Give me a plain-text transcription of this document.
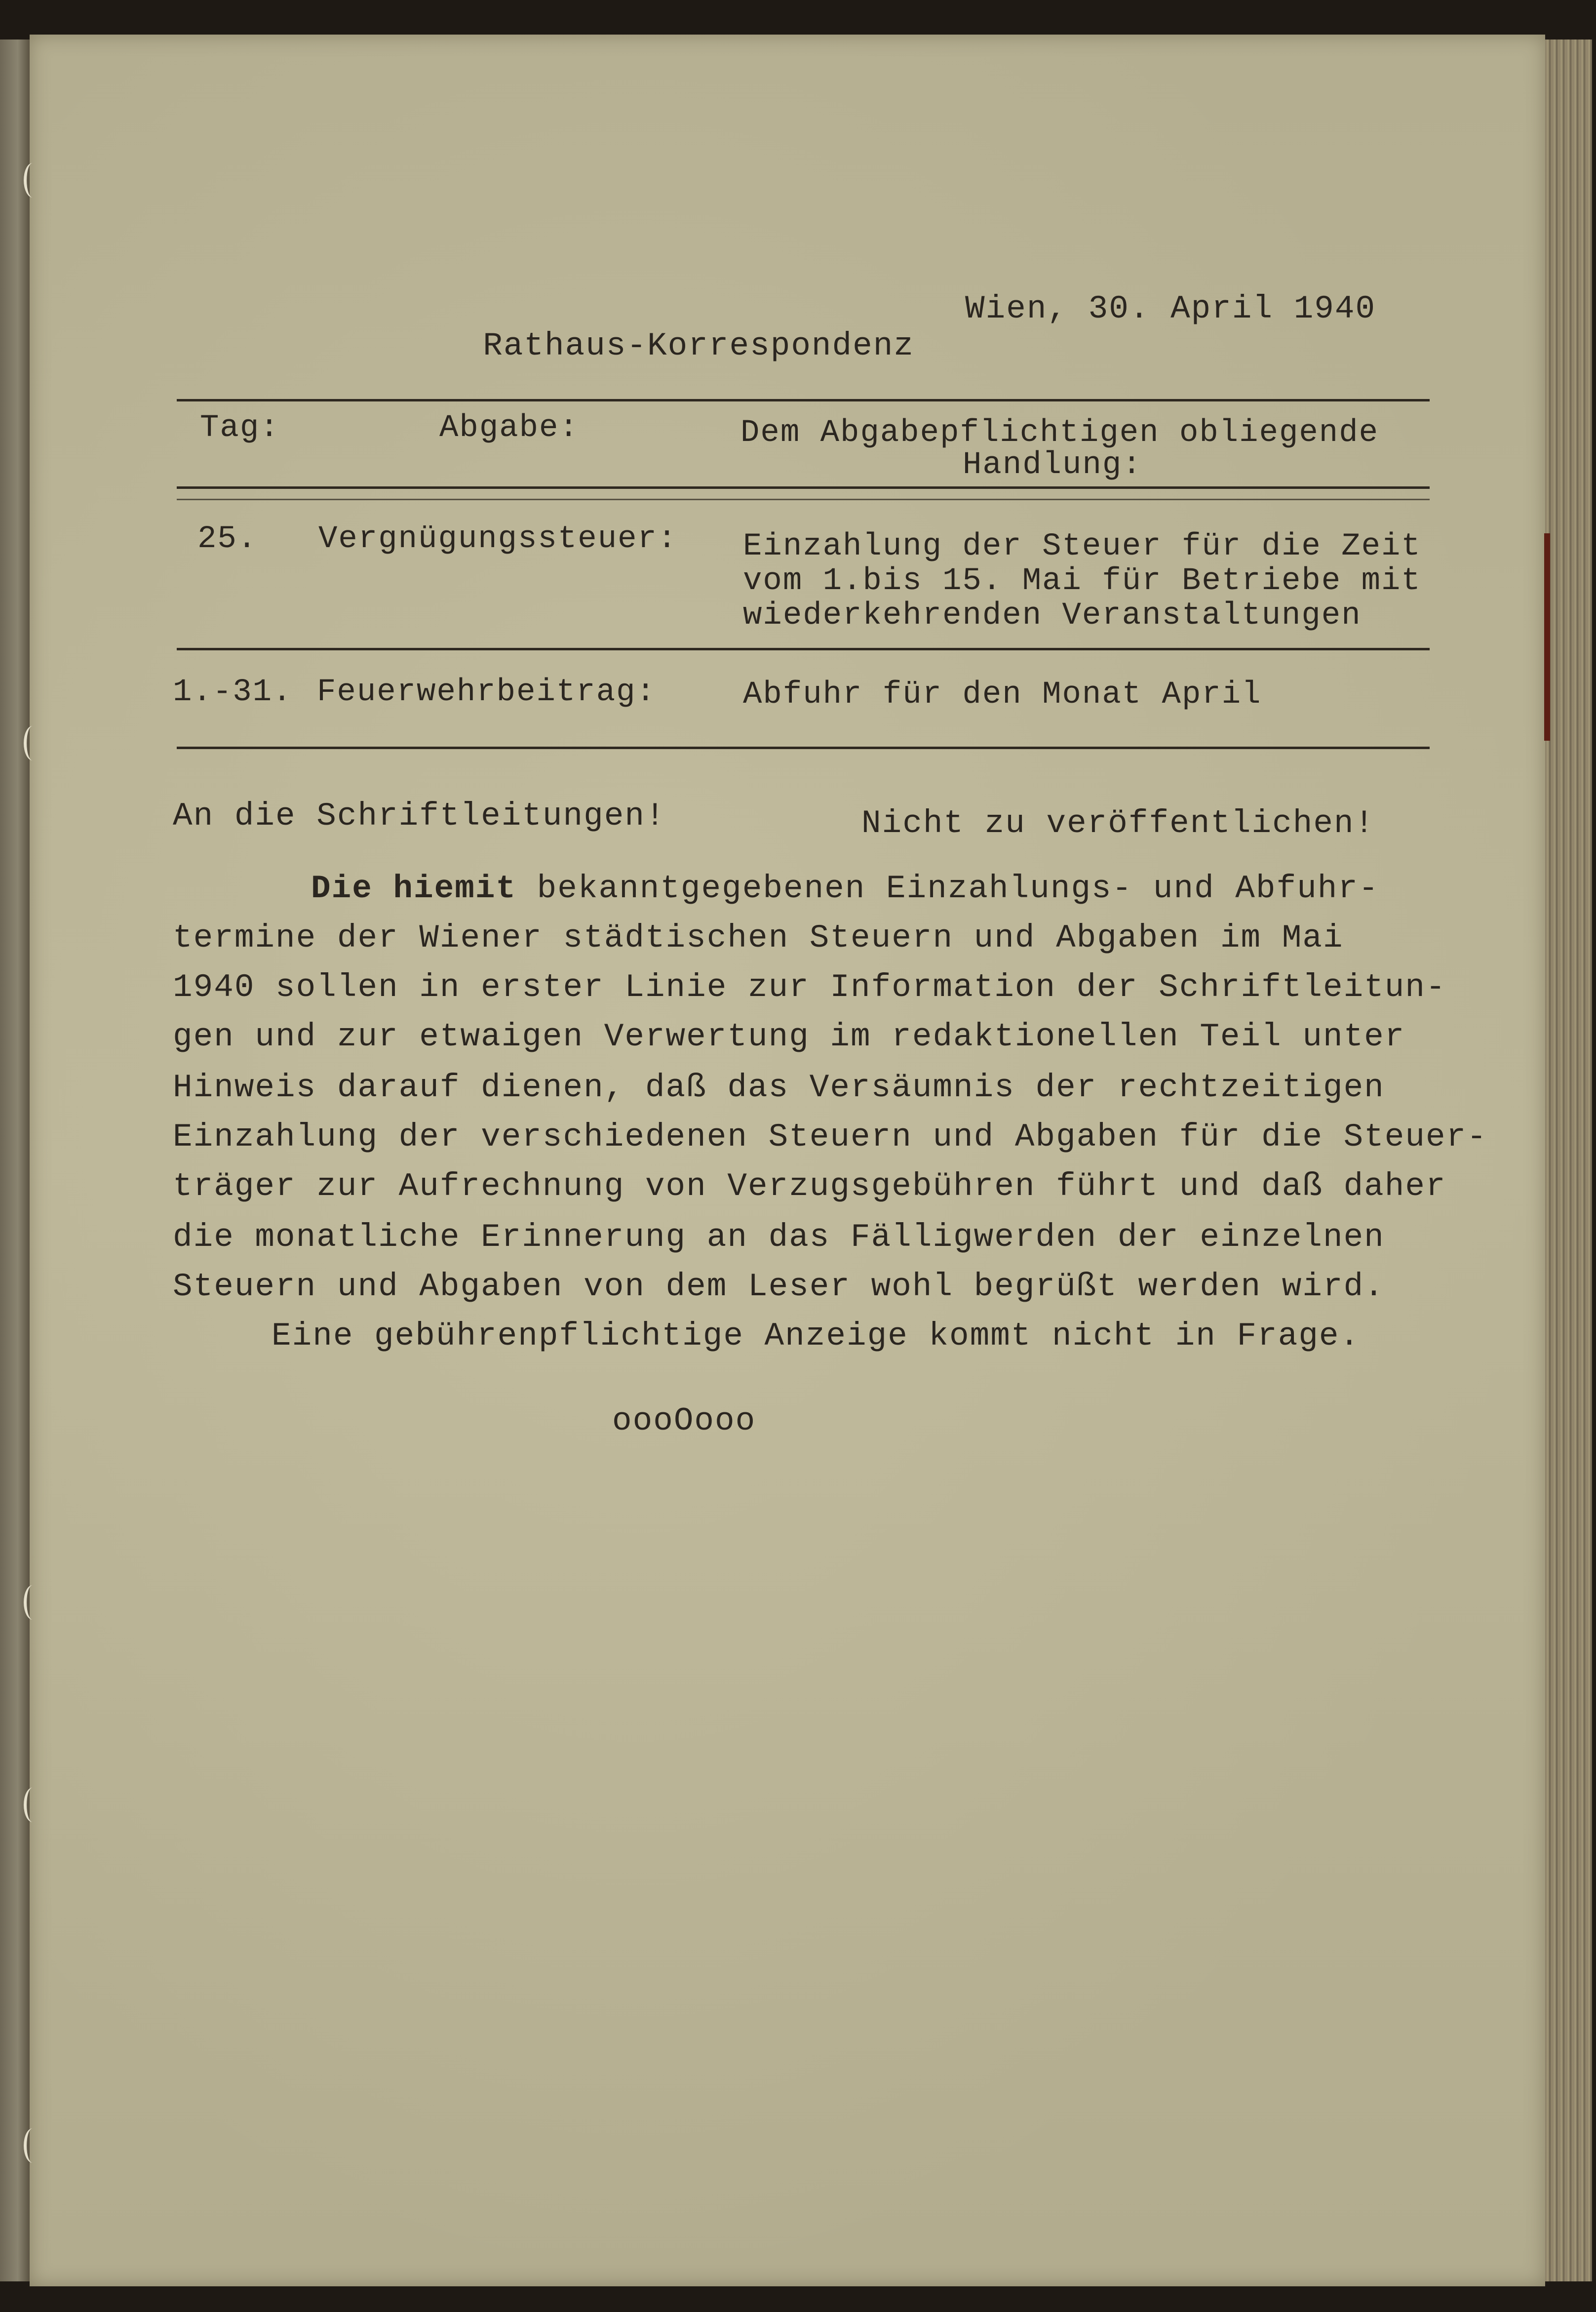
Rathaus-Korrespondenz

Wien, 30. April 1940

Tag:	Abgabe:	Dem Abgabepflichtigen obliegende
Handlung:
25. Vergnügungssteuer: Einzahlung der Steuer für die Zeit
vom 1.bis 15. Mai für Betriebe mit
wiederkehrenden Veranstaltungen
1.-31. Feuerwehrbeitrag:	Abfuhr für den Monat April
An die Schriftleitungen!	Nicht zu veröffentlichen!
Die hiemit bekanntgegebenen Einzahlungs- und Abfuhr-
termine der Wiener städtischen Steuern und Abgaben im Mai
1940 sollen in erster Linie zur Information der Schriftleitun-
gen und zur etwaigen Verwertung im redaktionellen Teil unter
Hinweis darauf dienen, daß das Versäumnis der rechtzeitigen
Einzahlung der verschiedenen Steuern und Abgaben für die Steuer-
träger zur Aufrechnung von Verzugsgebühren führt und daß daher
die monatliche Erinnerung an das Fälligwerden der einzelnen
Steuern und Abgaben von dem Leser wohl begrüßt werden wird.
Eine gebührenpflichtige Anzeige kommt nicht in Frage.
oooOooo
